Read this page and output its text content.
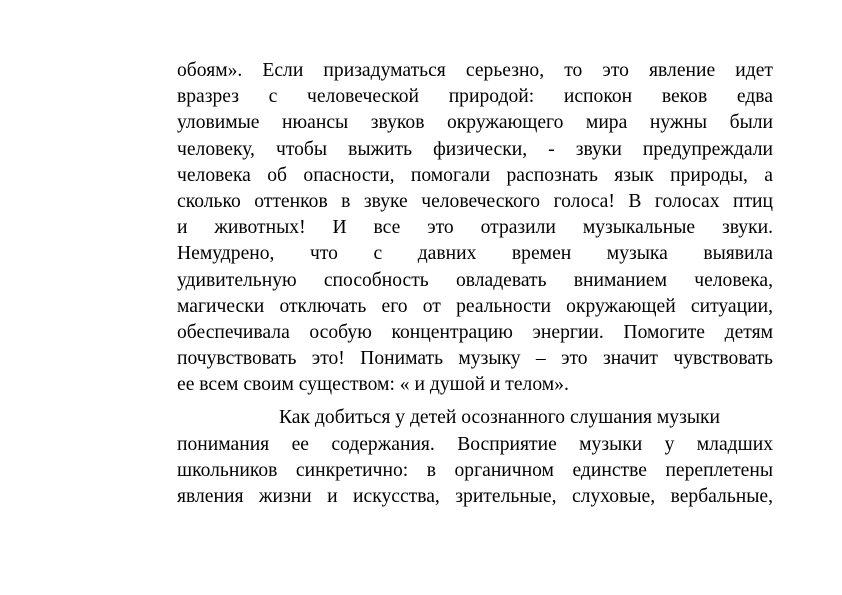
обоям». Если призадуматься серьезно, то это явление идет
вразрез с человеческой природой: испокон веков едва
уловимые нюансы звуков окружающего мира нужны были
человеку, чтобы выжить физически, - звуки предупреждали
человека об опасности, помогали распознать язык природы, а
сколько оттенков в звуке человеческого голоса! В голосах птиц
и животных! И все это отразили музыкальные звуки.
Немудрено, что с давних времен музыка выявила
удивительную способность овладевать вниманием человека,
магически отключать его от реальности окружающей ситуации,
обеспечивала особую концентрацию энергии. Помогите детям
почувствовать это! Понимать музыку – это значит чувствовать
ее всем своим существом: « и душой и телом».
Как добиться у детей осознанного слушания музыки
понимания ее содержания. Восприятие музыки у младших
школьников синкретично: в органичном единстве переплетены
явления жизни и искусства, зрительные, слуховые, вербальные,
